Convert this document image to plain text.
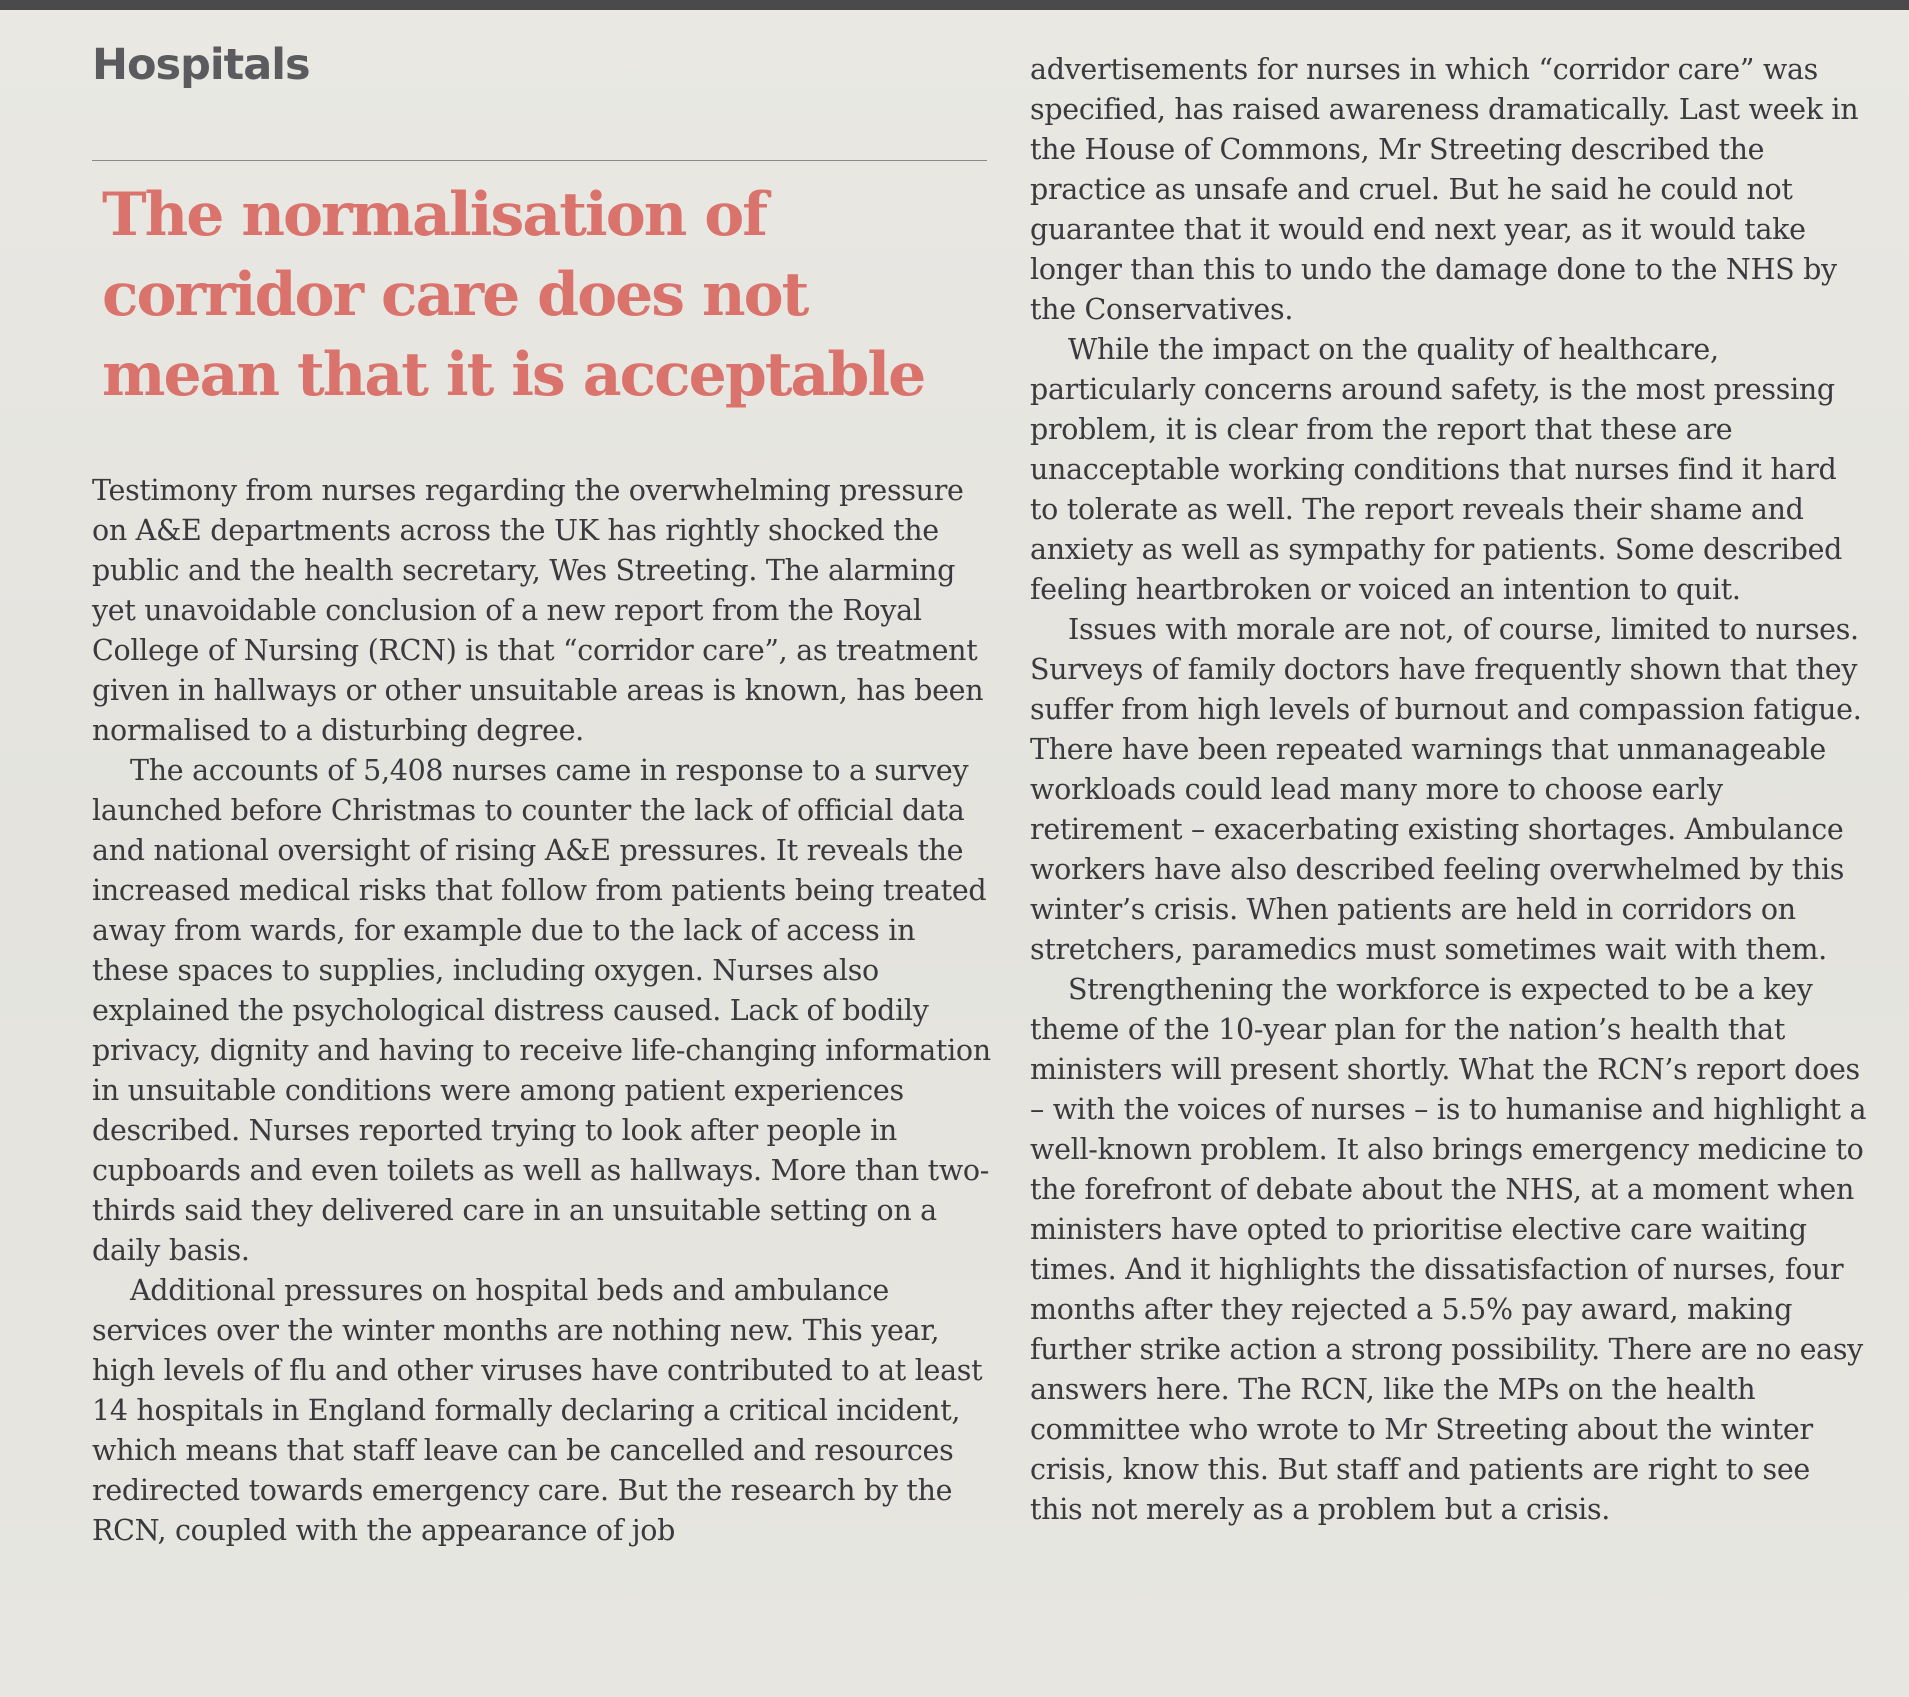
Hospitals
The normalisation of corridor care does not mean that it is acceptable
Testimony from nurses regarding the overwhelming pressure on A&E departments across the UK has rightly shocked the public and the health secretary, Wes Streeting. The alarming yet unavoidable conclusion of a new report from the Royal College of Nursing (RCN) is that “corridor care”, as treatment given in hallways or other unsuitable areas is known, has been normalised to a disturbing degree.
The accounts of 5,408 nurses came in response to a survey launched before Christmas to counter the lack of official data and national oversight of rising A&E pressures. It reveals the increased medical risks that follow from patients being treated away from wards, for example due to the lack of access in these spaces to supplies, including oxygen. Nurses also explained the psychological distress caused. Lack of bodily privacy, dignity and having to receive life-changing information in unsuitable conditions were among patient experiences described. Nurses reported trying to look after people in cupboards and even toilets as well as hallways. More than two-thirds said they delivered care in an unsuitable setting on a daily basis.
Additional pressures on hospital beds and ambulance services over the winter months are nothing new. This year, high levels of flu and other viruses have contributed to at least 14 hospitals in England formally declaring a critical incident, which means that staff leave can be cancelled and resources redirected towards emergency care. But the research by the RCN, coupled with the appearance of job
advertisements for nurses in which “corridor care” was specified, has raised awareness dramatically. Last week in the House of Commons, Mr Streeting described the practice as unsafe and cruel. But he said he could not guarantee that it would end next year, as it would take longer than this to undo the damage done to the NHS by the Conservatives.
While the impact on the quality of healthcare, particularly concerns around safety, is the most pressing problem, it is clear from the report that these are unacceptable working conditions that nurses find it hard to tolerate as well. The report reveals their shame and anxiety as well as sympathy for patients. Some described feeling heartbroken or voiced an intention to quit.
Issues with morale are not, of course, limited to nurses. Surveys of family doctors have frequently shown that they suffer from high levels of burnout and compassion fatigue. There have been repeated warnings that unmanageable workloads could lead many more to choose early retirement – exacerbating existing shortages. Ambulance workers have also described feeling overwhelmed by this winter’s crisis. When patients are held in corridors on stretchers, paramedics must sometimes wait with them.
Strengthening the workforce is expected to be a key theme of the 10-year plan for the nation’s health that ministers will present shortly. What the RCN’s report does – with the voices of nurses – is to humanise and highlight a well-known problem. It also brings emergency medicine to the forefront of debate about the NHS, at a moment when ministers have opted to prioritise elective care waiting times. And it highlights the dissatisfaction of nurses, four months after they rejected a 5.5% pay award, making further strike action a strong possibility. There are no easy answers here. The RCN, like the MPs on the health committee who wrote to Mr Streeting about the winter crisis, know this. But staff and patients are right to see this not merely as a problem but a crisis.
